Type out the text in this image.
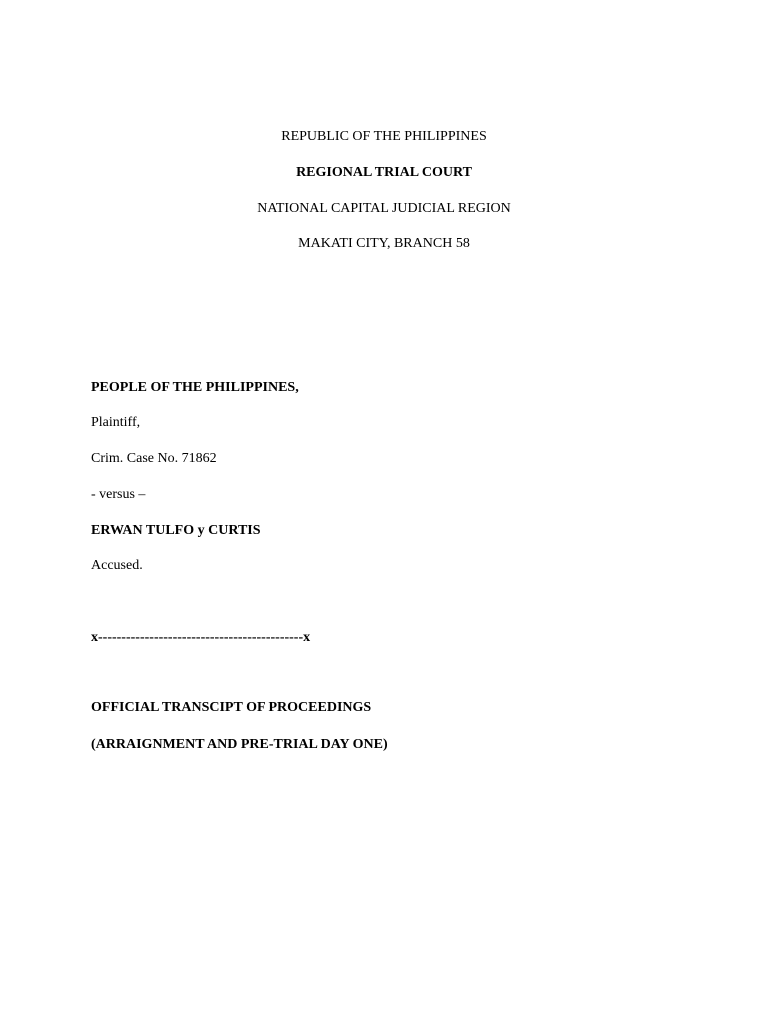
REPUBLIC OF THE PHILIPPINES
REGIONAL TRIAL COURT
NATIONAL CAPITAL JUDICIAL REGION
MAKATI CITY, BRANCH 58
PEOPLE OF THE PHILIPPINES,
Plaintiff,
Crim. Case No. 71862
- versus –
ERWAN TULFO y CURTIS
Accused.
x--------------------------------------------x
OFFICIAL TRANSCIPT OF PROCEEDINGS
(ARRAIGNMENT AND PRE-TRIAL DAY ONE)
